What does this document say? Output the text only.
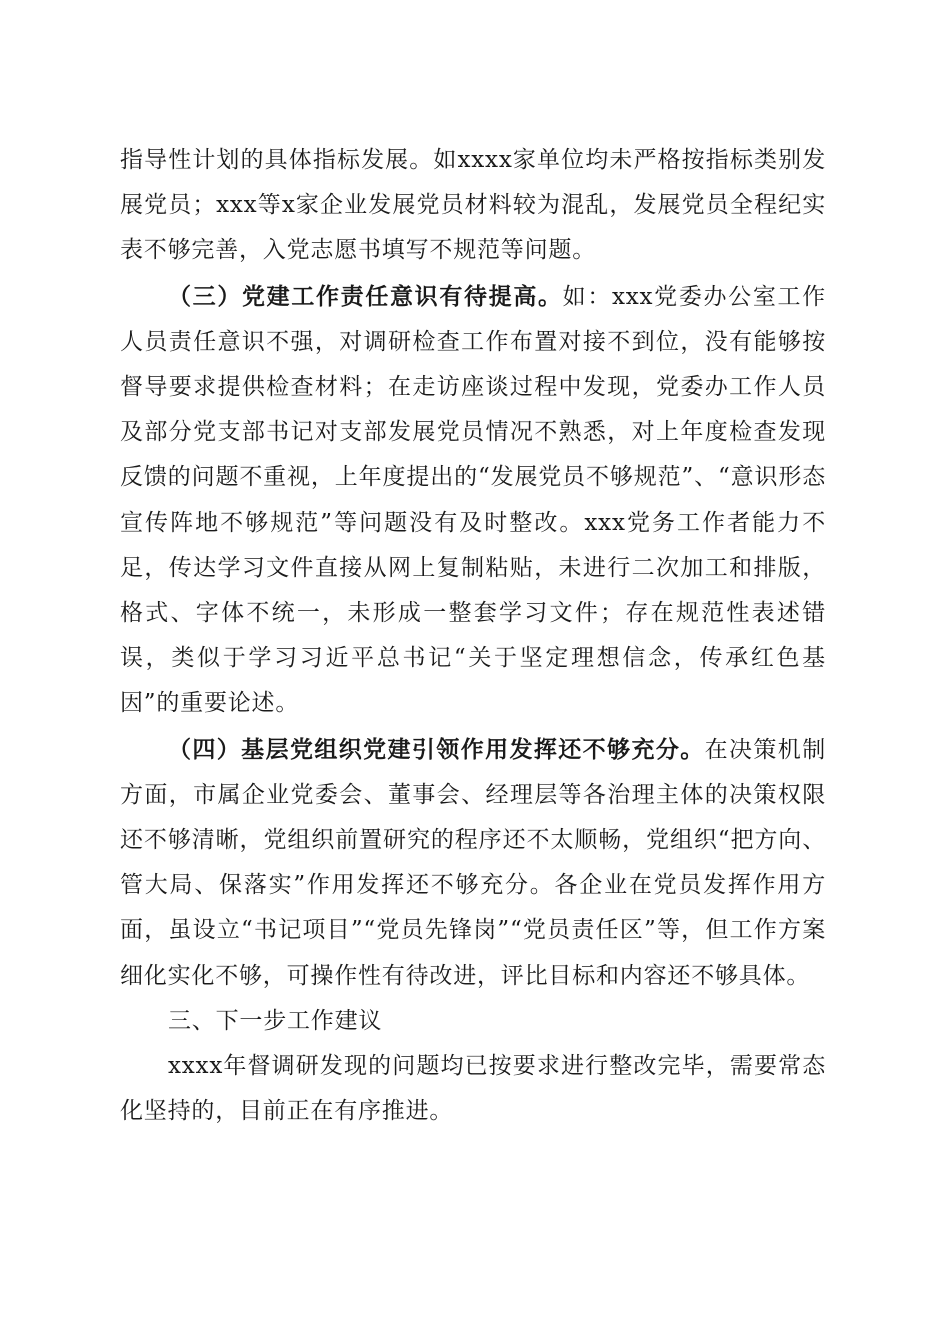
指导性计划的具体指标发展。如xxxx家单位均未严格按指标类别发展党员；xxx等x家企业发展党员材料较为混乱，发展党员全程纪实表不够完善，入党志愿书填写不规范等问题。

（三）党建工作责任意识有待提高。如：xxx党委办公室工作人员责任意识不强，对调研检查工作布置对接不到位，没有能够按督导要求提供检查材料；在走访座谈过程中发现，党委办工作人员及部分党支部书记对支部发展党员情况不熟悉，对上年度检查发现反馈的问题不重视，上年度提出的“发展党员不够规范”、“意识形态宣传阵地不够规范”等问题没有及时整改。xxx党务工作者能力不足，传达学习文件直接从网上复制粘贴，未进行二次加工和排版，格式、字体不统一，未形成一整套学习文件；存在规范性表述错误，类似于学习习近平总书记“关于坚定理想信念，传承红色基因”的重要论述。

（四）基层党组织党建引领作用发挥还不够充分。在决策机制方面，市属企业党委会、董事会、经理层等各治理主体的决策权限还不够清晰，党组织前置研究的程序还不太顺畅，党组织“把方向、管大局、保落实”作用发挥还不够充分。各企业在党员发挥作用方面，虽设立“书记项目”“党员先锋岗”“党员责任区”等，但工作方案细化实化不够，可操作性有待改进，评比目标和内容还不够具体。

三、下一步工作建议

xxxx年督调研发现的问题均已按要求进行整改完毕，需要常态化坚持的，目前正在有序推进。
